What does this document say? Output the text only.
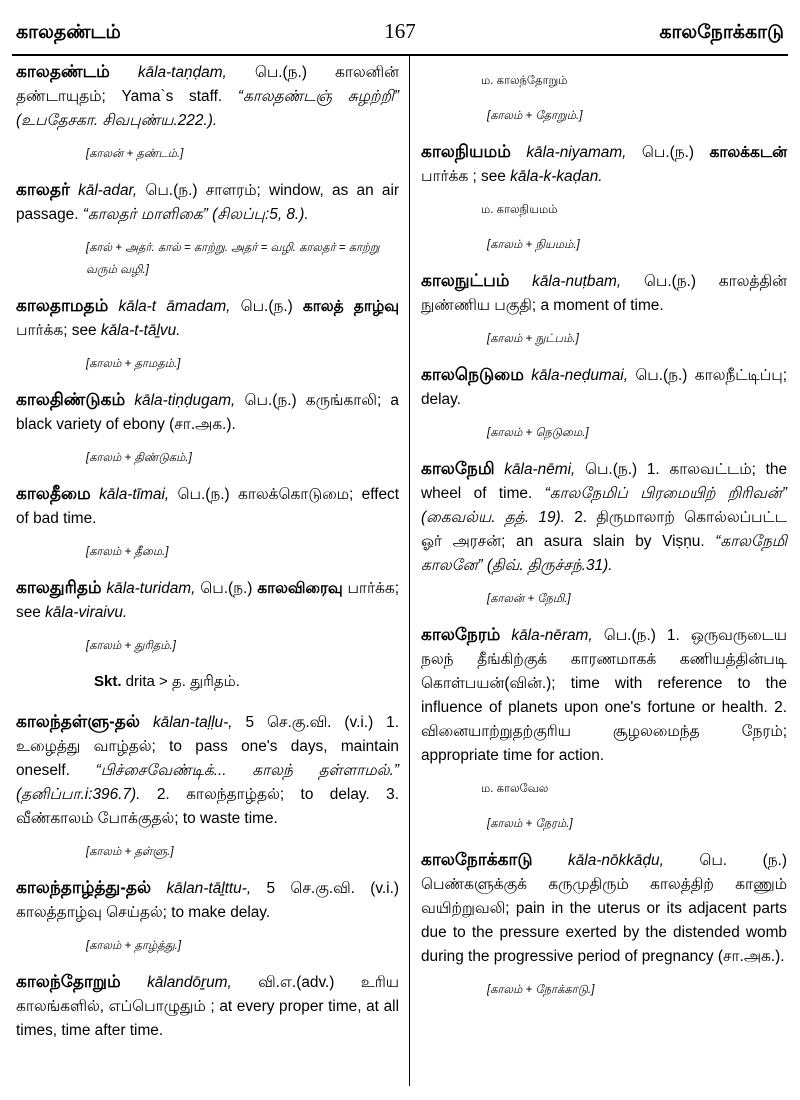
காலதண்டம்	167	காலநோக்காடு
காலதண்டம் kāla-taṇḍam, பெ.(ந.) காலனின் தண்டாயுதம்; Yama`s staff. “காலதண்டஞ் சுழற்றி” (உபதேசகா. சிவபுண்ய.222.).
[காலன் + தண்டம்.]
காலதர் kāl-adar, பெ.(ந.) சாளரம்; window, as an air passage. “காலதர் மாளிகை” (சிலப்பு:5, 8.).
[கால் + அதர். கால் = காற்று. அதர் = வழி. காலதர் = காற்று வரும் வழி.]
காலதாமதம் kāla-t āmadam, பெ.(ந.) காலத் தாழ்வு பார்க்க; see kāla-t-tāḻvu.
[காலம் + தாமதம்.]
காலதிண்டுகம் kāla-tiṇḍugam, பெ.(ந.) கருங்காலி; a black variety of ebony (சா.அக.).
[காலம் + திண்டுகம்.]
காலதீமை kāla-tīmai, பெ.(ந.) காலக்கொடுமை; effect of bad time.
[காலம் + தீமை.]
காலதுரிதம் kāla-turidam, பெ.(ந.) காலவிரைவு பார்க்க; see kāla-viraivu.
[காலம் + துரிதம்.]
Skt. drita > த. துரிதம்.
காலந்தள்ளு-தல் kālan-taḷḷu-, 5 செ.கு.வி. (v.i.) 1. உழைத்து வாழ்தல்; to pass one's days, maintain oneself. “பிச்சைவேண்டிக்... காலந் தள்ளாமல்.” (தனிப்பா.i:396.7). 2. காலந்தாழ்தல்; to delay. 3. வீண்காலம் போக்குதல்; to waste time.
[காலம் + தள்ளு.]
காலந்தாழ்த்து-தல் kālan-tāḻttu-, 5 செ.கு.வி. (v.i.) காலத்தாழ்வு செய்தல்; to make delay.
[காலம் + தாழ்த்து.]
காலந்தோறும் kālandōṟum, வி.எ.(adv.) உரிய காலங்களில், எப்பொழுதும் ; at every proper time, at all times, time after time.
ம. காலந்தோறும்
[காலம் + தோறும்.]
காலநியமம் kāla-niyamam, பெ.(ந.) காலக்கடன் பார்க்க ; see kāla-k-kaḍan.
ம. காலநியமம்
[காலம் + நியமம்.]
காலநுட்பம் kāla-nuṭbam, பெ.(ந.) காலத்தின் நுண்ணிய பகுதி; a moment of time.
[காலம் + நுட்பம்.]
காலநெடுமை kāla-neḍumai, பெ.(ந.) காலநீட்டிப்பு; delay.
[காலம் + நெடுமை.]
காலநேமி kāla-nēmi, பெ.(ந.) 1. காலவட்டம்; the wheel of time. “காலநேமிப் பிரமையிற் றிரிவன்” (கைவல்ய. தத். 19). 2. திருமாலாற் கொல்லப்பட்ட ஓர் அரசன்; an asura slain by Viṣṇu. “காலநேமி காலனே” (திவ். திருச்சந்.31).
[காலன் + நேமி.]
காலநேரம் kāla-nēram, பெ.(ந.) 1. ஒருவருடைய நலந் தீங்கிற்குக் காரணமாகக் கணியத்தின்படி கொள்பயன்(வின்.); time with reference to the influence of planets upon one's fortune or health. 2. வினையாற்றுதற்குரிய சூழலமைந்த நேரம்; appropriate time for action.
ம. காலவேல
[காலம் + நேரம்.]
காலநோக்காடு kāla-nōkkāḍu, பெ. (ந.) பெண்களுக்குக் கருமுதிரும் காலத்திற் காணும் வயிற்றுவலி; pain in the uterus or its adjacent parts due to the pressure exerted by the distended womb during the progressive period of pregnancy (சா.அக.).
[காலம் + நோக்காடு.]
